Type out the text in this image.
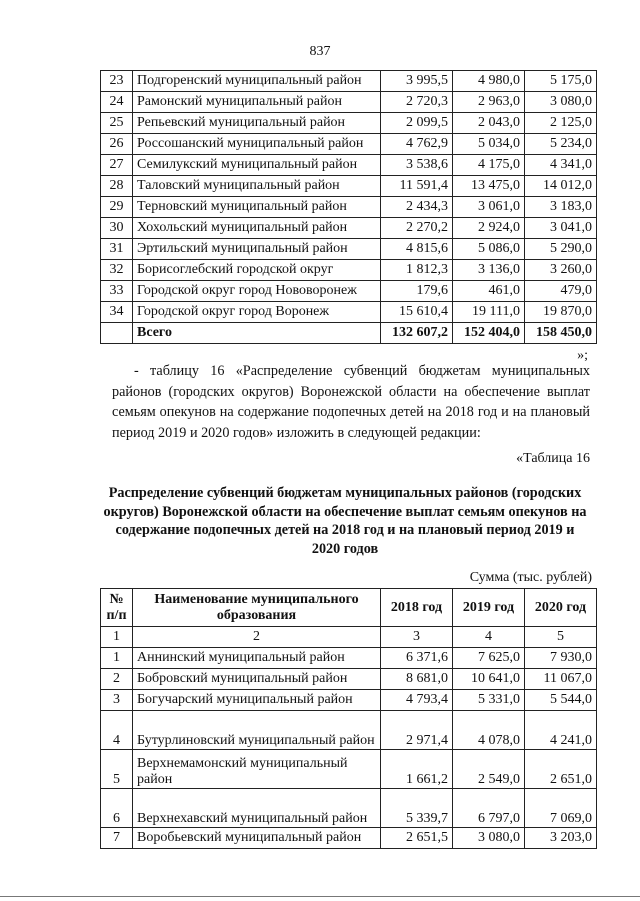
837
23	Подгоренский муниципальный район	3 995,5	4 980,0	5 175,0
24	Рамонский муниципальный район	2 720,3	2 963,0	3 080,0
25	Репьевский муниципальный район	2 099,5	2 043,0	2 125,0
26	Россошанский муниципальный район	4 762,9	5 034,0	5 234,0
27	Семилукский муниципальный район	3 538,6	4 175,0	4 341,0
28	Таловский муниципальный район	11 591,4	13 475,0	14 012,0
29	Терновский муниципальный район	2 434,3	3 061,0	3 183,0
30	Хохольский муниципальный район	2 270,2	2 924,0	3 041,0
31	Эртильский муниципальный район	4 815,6	5 086,0	5 290,0
32	Борисоглебский городской округ	1 812,3	3 136,0	3 260,0
33	Городской округ город Нововоронеж	179,6	461,0	479,0
34	Городской округ город Воронеж	15 610,4	19 111,0	19 870,0
	Всего	132 607,2	152 404,0	158 450,0
»;
- таблицу 16 «Распределение субвенций бюджетам муниципальных районов (городских округов) Воронежской области на обеспечение выплат семьям опекунов на содержание подопечных детей на 2018 год и на плановый период 2019 и 2020 годов» изложить в следующей редакции:
«Таблица 16
Распределение субвенций бюджетам муниципальных районов (городских округов) Воронежской области на обеспечение выплат семьям опекунов на содержание подопечных детей на 2018 год и на плановый период 2019 и 2020 годов
Сумма (тыс. рублей)
№ п/п	Наименование муниципального образования	2018 год	2019 год	2020 год
1	2	3	4	5
1	Аннинский муниципальный район	6 371,6	7 625,0	7 930,0
2	Бобровский муниципальный район	8 681,0	10 641,0	11 067,0
3	Богучарский муниципальный район	4 793,4	5 331,0	5 544,0
4	Бутурлиновский муниципальный район	2 971,4	4 078,0	4 241,0
5	Верхнемамонский муниципальный район	1 661,2	2 549,0	2 651,0
6	Верхнехавский муниципальный район	5 339,7	6 797,0	7 069,0
7	Воробьевский муниципальный район	2 651,5	3 080,0	3 203,0
